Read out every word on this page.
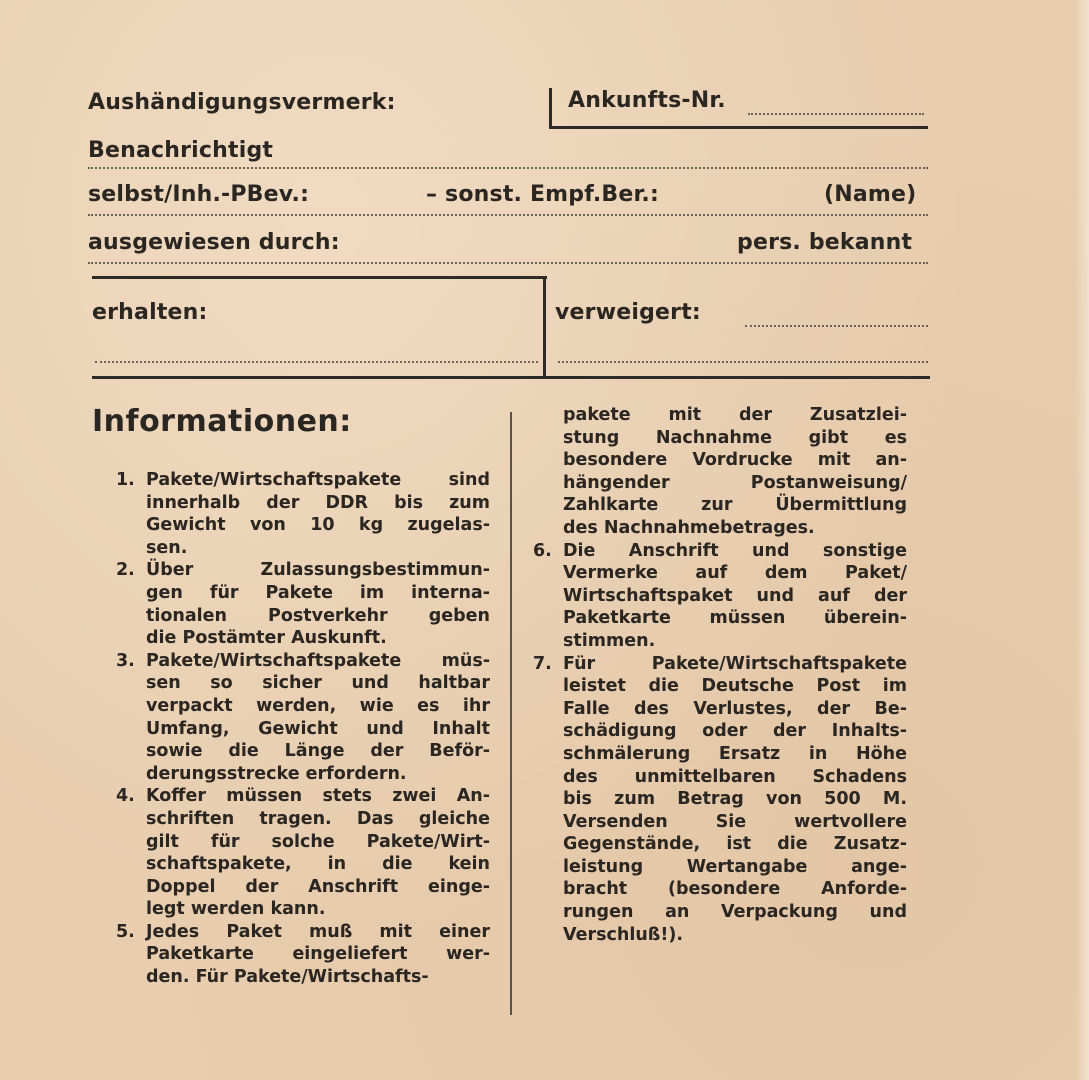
Aushändigungsvermerk:	Ankunfts-Nr.
Benachrichtigt
selbst/Inh.-PBev.:	– sonst. Empf.Ber.:	(Name)
ausgewiesen durch:	pers. bekannt
erhalten:	verweigert:
Informationen:
1. Pakete/Wirtschaftspakete sind
innerhalb der DDR bis zum
Gewicht von 10 kg zugelas-
sen.
2. Über Zulassungsbestimmun-
gen für Pakete im interna-
tionalen Postverkehr geben
die Postämter Auskunft.
3. Pakete/Wirtschaftspakete müs-
sen so sicher und haltbar
verpackt werden, wie es ihr
Umfang, Gewicht und Inhalt
sowie die Länge der Beför-
derungsstrecke erfordern.
4. Koffer müssen stets zwei An-
schriften tragen. Das gleiche
gilt für solche Pakete/Wirt-
schaftspakete, in die kein
Doppel der Anschrift einge-
legt werden kann.
5. Jedes Paket muß mit einer
Paketkarte eingeliefert wer-
den. Für Pakete/Wirtschafts-
pakete mit der Zusatzlei-
stung Nachnahme gibt es
besondere Vordrucke mit an-
hängender Postanweisung/
Zahlkarte zur Übermittlung
des Nachnahmebetrages.
6. Die Anschrift und sonstige
Vermerke auf dem Paket/
Wirtschaftspaket und auf der
Paketkarte müssen überein-
stimmen.
7. Für Pakete/Wirtschaftspakete
leistet die Deutsche Post im
Falle des Verlustes, der Be-
schädigung oder der Inhalts-
schmälerung Ersatz in Höhe
des unmittelbaren Schadens
bis zum Betrag von 500 M.
Versenden Sie wertvollere
Gegenstände, ist die Zusatz-
leistung Wertangabe ange-
bracht (besondere Anforde-
rungen an Verpackung und
Verschluß!).
